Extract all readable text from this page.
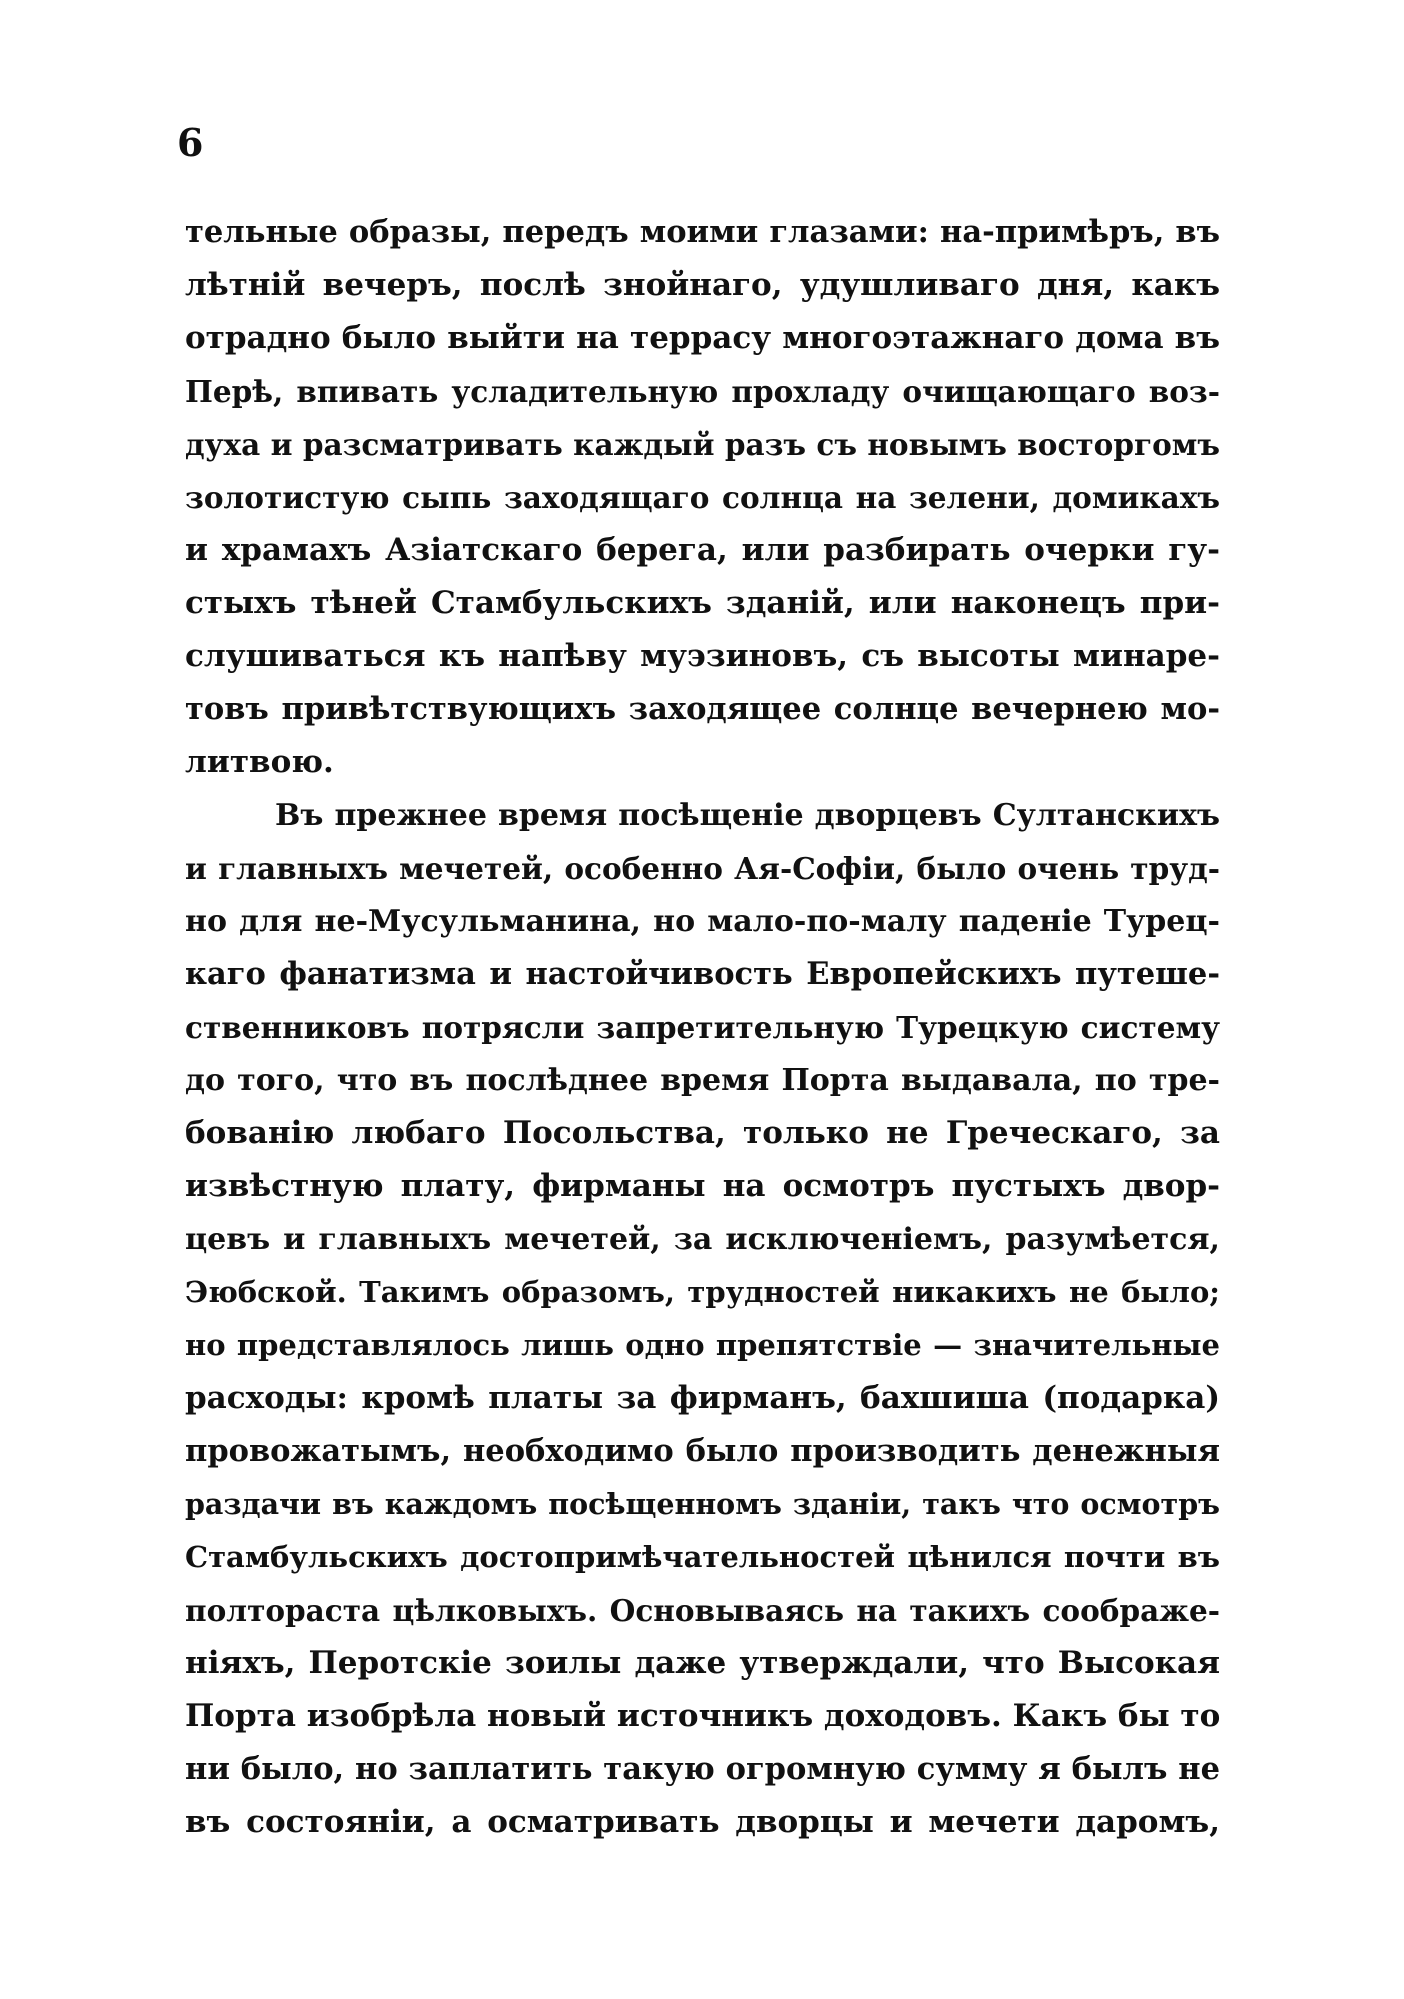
6
тельные образы, передъ моими глазами: на-примѣръ, въ
лѣтній вечеръ, послѣ знойнаго, удушливаго дня, какъ
отрадно было выйти на террасу многоэтажнаго дома въ
Перѣ, впивать усладительную прохладу очищающаго воз-
духа и разсматривать каждый разъ съ новымъ восторгомъ
золотистую сыпь заходящаго солнца на зелени, домикахъ
и храмахъ Азіатскаго берега, или разбирать очерки гу-
стыхъ тѣней Стамбульскихъ зданій, или наконецъ при-
слушиваться къ напѣву муэзиновъ, съ высоты минаре-
товъ привѣтствующихъ заходящее солнце вечернею мо-
литвою.
Въ прежнее время посѣщеніе дворцевъ Султанскихъ
и главныхъ мечетей, особенно Ая-Софіи, было очень труд-
но для не-Мусульманина, но мало-по-малу паденіе Турец-
каго фанатизма и настойчивость Европейскихъ путеше-
ственниковъ потрясли запретительную Турецкую систему
до того, что въ послѣднее время Порта выдавала, по тре-
бованію любаго Посольства, только не Греческаго, за
извѣстную плату, фирманы на осмотръ пустыхъ двор-
цевъ и главныхъ мечетей, за исключеніемъ, разумѣется,
Эюбской. Такимъ образомъ, трудностей никакихъ не было;
но представлялось лишь одно препятствіе — значительные
расходы: кромѣ платы за фирманъ, бахшиша (подарка)
провожатымъ, необходимо было производить денежныя
раздачи въ каждомъ посѣщенномъ зданіи, такъ что осмотръ
Стамбульскихъ достопримѣчательностей цѣнился почти въ
полтораста цѣлковыхъ. Основываясь на такихъ соображе-
ніяхъ, Перотскіе зоилы даже утверждали, что Высокая
Порта изобрѣла новый источникъ доходовъ. Какъ бы то
ни было, но заплатить такую огромную сумму я былъ не
въ состояніи, а осматривать дворцы и мечети даромъ,
